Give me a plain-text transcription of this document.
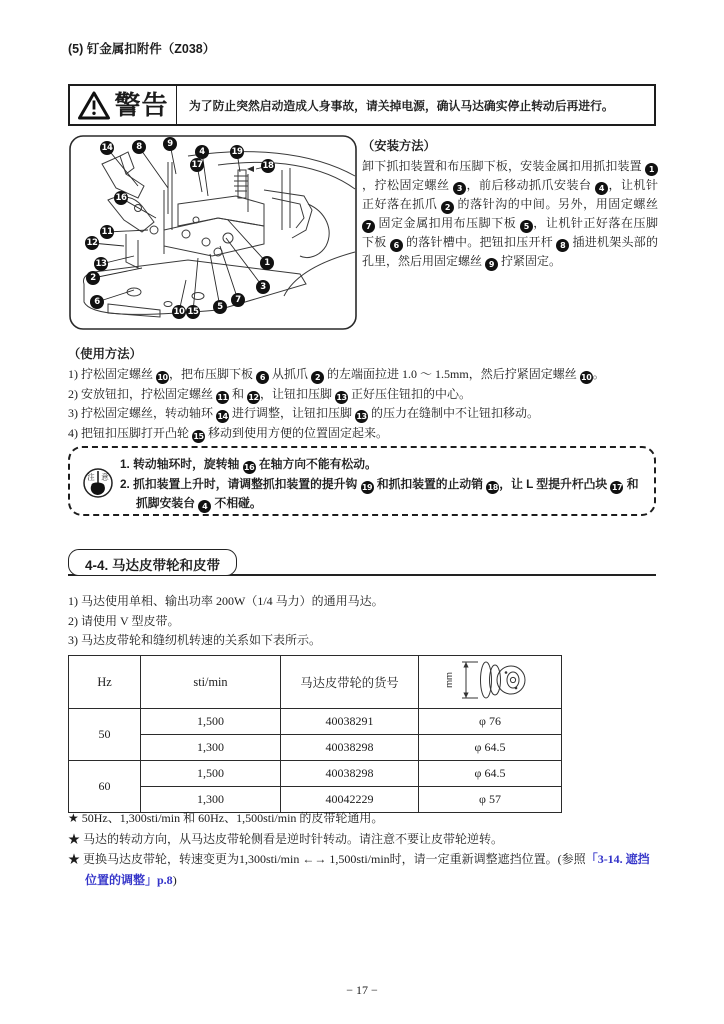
(5) 钉金属扣附件（Z038）
警告	为了防止突然启动造成人身事故，请关掉电源，确认马达确实停止转动后再进行。
14	8	9
4
17
19
18
16
11
12
13
2
6
10 15	5
7
3
1
（安装方法）
卸下抓扣装置和布压脚下板，安装金属扣用抓扣装置 1，拧松固定螺丝 3 ，前后移动抓爪安装台 4 ，让机针正好落在抓爪 2 的落针沟的中间。另外，用固定螺丝 7 固定金属扣用布压脚下板 5 ，让机针正好落在压脚下板 6 的落针槽中。把钮扣压开杆 8 插进机架头部的孔里，然后用固定螺丝 9 拧紧固定。
（使用方法）
1) 拧松固定螺丝 10，把布压脚下板 6 从抓爪 2 的左端面拉进 1.0 ～ 1.5mm，然后拧紧固定螺丝 10。
2) 安放钮扣，拧松固定螺丝 11 和 12，让钮扣压脚 13 正好压住钮扣的中心。
3) 拧松固定螺丝，转动轴环 14 进行调整，让钮扣压脚 13 的压力在缝制中不让钮扣移动。
4) 把钮扣压脚打开凸轮 15 移动到使用方便的位置固定起来。
注 意
1. 转动轴环时，旋转轴 16 在轴方向不能有松动。
2. 抓扣装置上升时，请调整抓扣装置的提升钩 19 和抓扣装置的止动销 18，让 L 型提升杆凸块 17 和抓脚安装台 4 不相碰。
4-4. 马达皮带轮和皮带
1) 马达使用单相、输出功率 200W（1/4 马力）的通用马达。
2) 请使用 V 型皮带。
3) 马达皮带轮和缝纫机转速的关系如下表所示。
Hz	sti/min	马达皮带轮的货号	mm

50	1,500	40038291	φ 76
	1,300	40038298	φ 64.5
60	1,500	40038298	φ 64.5
	1,300	40042229	φ 57
★ 50Hz、1,300sti/min 和 60Hz、1,500sti/min 的皮带轮通用。
★ 马达的转动方向，从马达皮带轮侧看是逆时针转动。请注意不要让皮带轮逆转。
★ 更换马达皮带轮，转速变更为1,300sti/min ←→ 1,500sti/min时，请一定重新调整遮挡位置。(参照「3-14. 遮挡位置的调整」p.8)
− 17 −
